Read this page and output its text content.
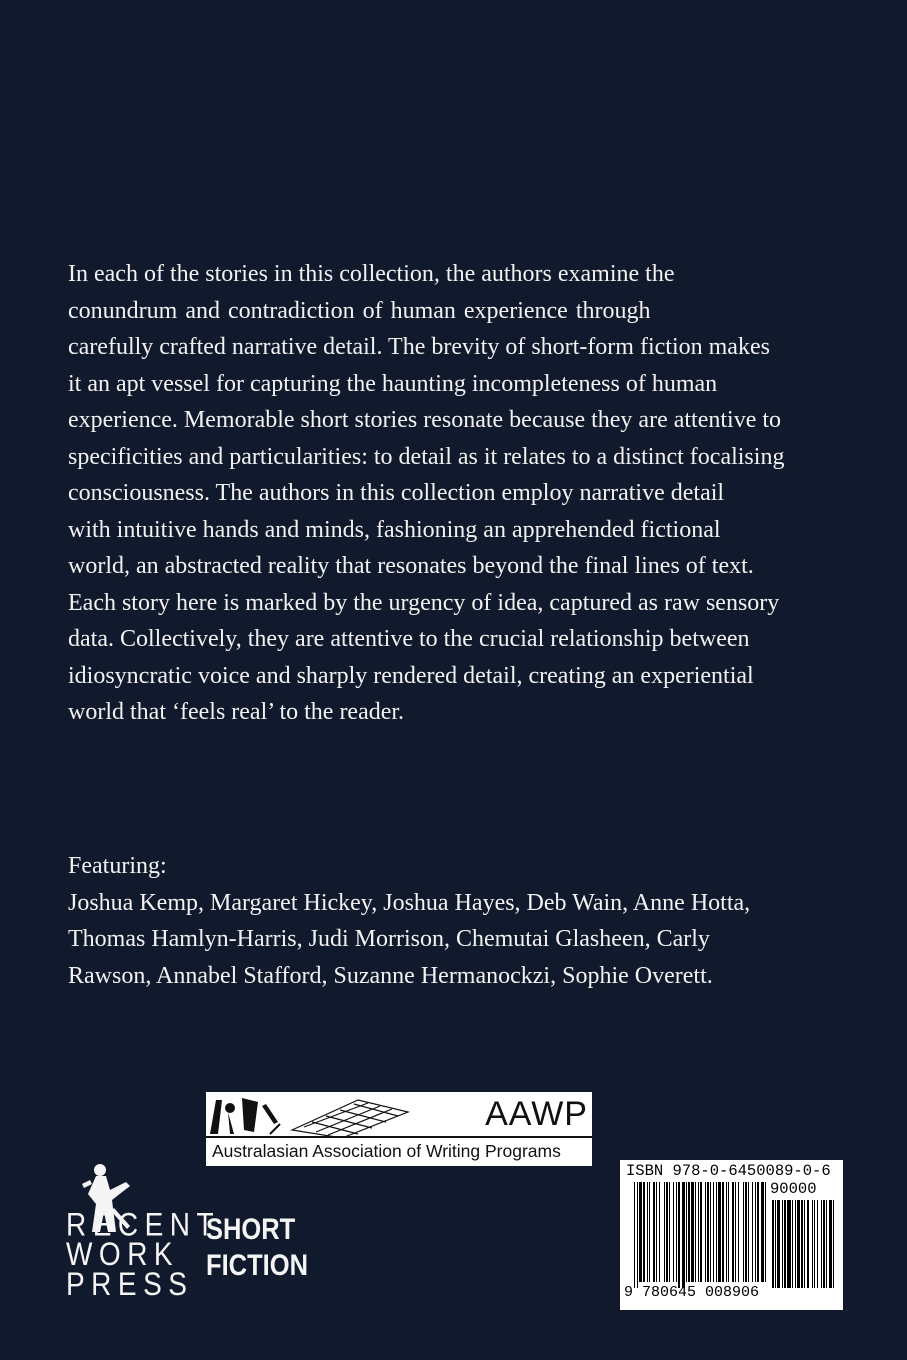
In each of the stories in this collection, the authors examine the
conundrum and contradiction of human experience through
carefully crafted narrative detail. The brevity of short-form fiction makes
it an apt vessel for capturing the haunting incompleteness of human
experience. Memorable short stories resonate because they are attentive to
specificities and particularities: to detail as it relates to a distinct focalising
consciousness. The authors in this collection employ narrative detail
with intuitive hands and minds, fashioning an apprehended fictional
world, an abstracted reality that resonates beyond the final lines of text.
Each story here is marked by the urgency of idea, captured as raw sensory
data. Collectively, they are attentive to the crucial relationship between
idiosyncratic voice and sharply rendered detail, creating an experiential
world that ‘feels real’ to the reader.
Featuring:
Joshua Kemp, Margaret Hickey, Joshua Hayes, Deb Wain, Anne Hotta,
Thomas Hamlyn-Harris, Judi Morrison, Chemutai Glasheen, Carly
Rawson, Annabel Stafford, Suzanne Hermanockzi, Sophie Overett.
RECENT
WORK
PRESS
SHORT
FICTION
AAWP
Australasian Association of Writing Programs
ISBN 978-0-6450089-0-6
90000
9 780645 008906
